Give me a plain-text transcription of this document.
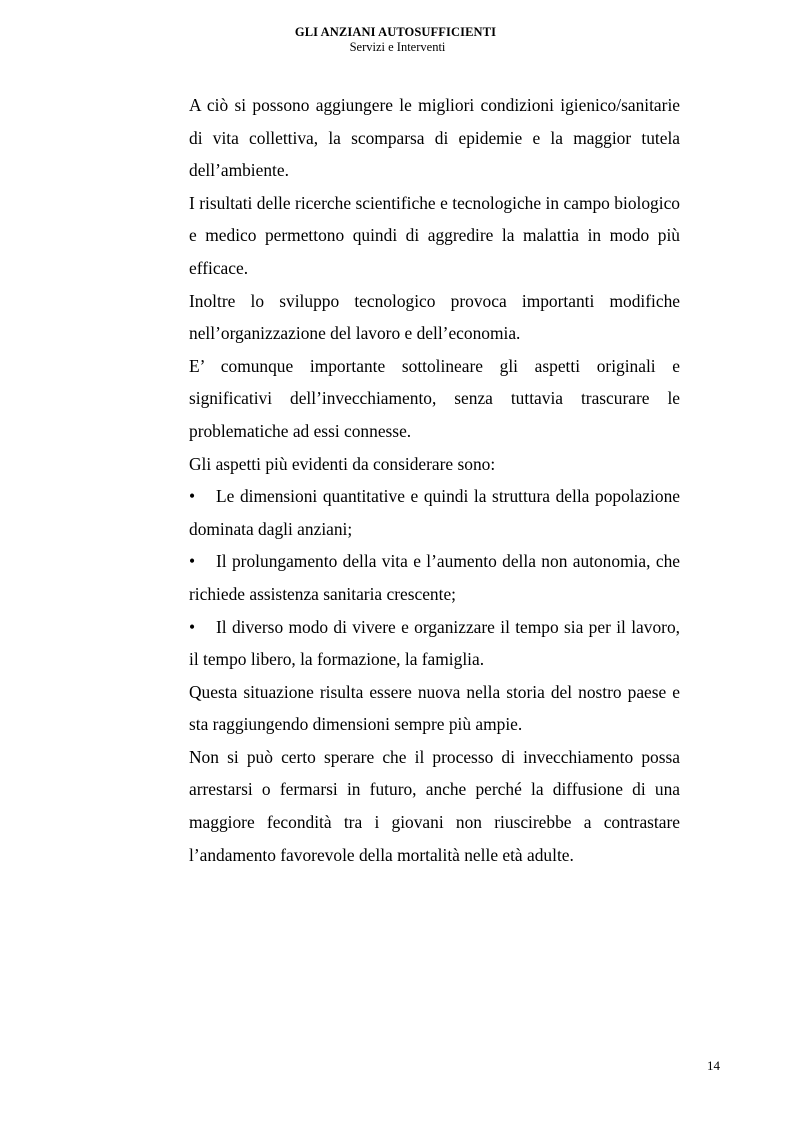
GLI ANZIANI AUTOSUFFICIENTI
Servizi e Interventi

A ciò si possono aggiungere le migliori condizioni igienico/sanitarie di vita collettiva, la scomparsa di epidemie e la maggior tutela dell’ambiente.

I risultati delle ricerche scientifiche e tecnologiche in campo biologico e medico permettono quindi di aggredire la malattia in modo più efficace.

Inoltre lo sviluppo tecnologico provoca importanti modifiche nell’organizzazione del lavoro e dell’economia.

E’ comunque importante sottolineare gli aspetti originali e significativi dell’invecchiamento, senza tuttavia trascurare le problematiche ad essi connesse.

Gli aspetti più evidenti da considerare sono:

• Le dimensioni quantitative e quindi la struttura della popolazione dominata dagli anziani;

• Il prolungamento della vita e l’aumento della non autonomia, che richiede assistenza sanitaria crescente;

• Il diverso modo di vivere e organizzare il tempo sia per il lavoro, il tempo libero, la formazione, la famiglia.

Questa situazione risulta essere nuova nella storia del nostro paese e sta raggiungendo dimensioni sempre più ampie.

Non si può certo sperare che il processo di invecchiamento possa arrestarsi o fermarsi in futuro, anche perché la diffusione di una maggiore fecondità tra i giovani non riuscirebbe a contrastare l’andamento favorevole della mortalità nelle età adulte.

14
